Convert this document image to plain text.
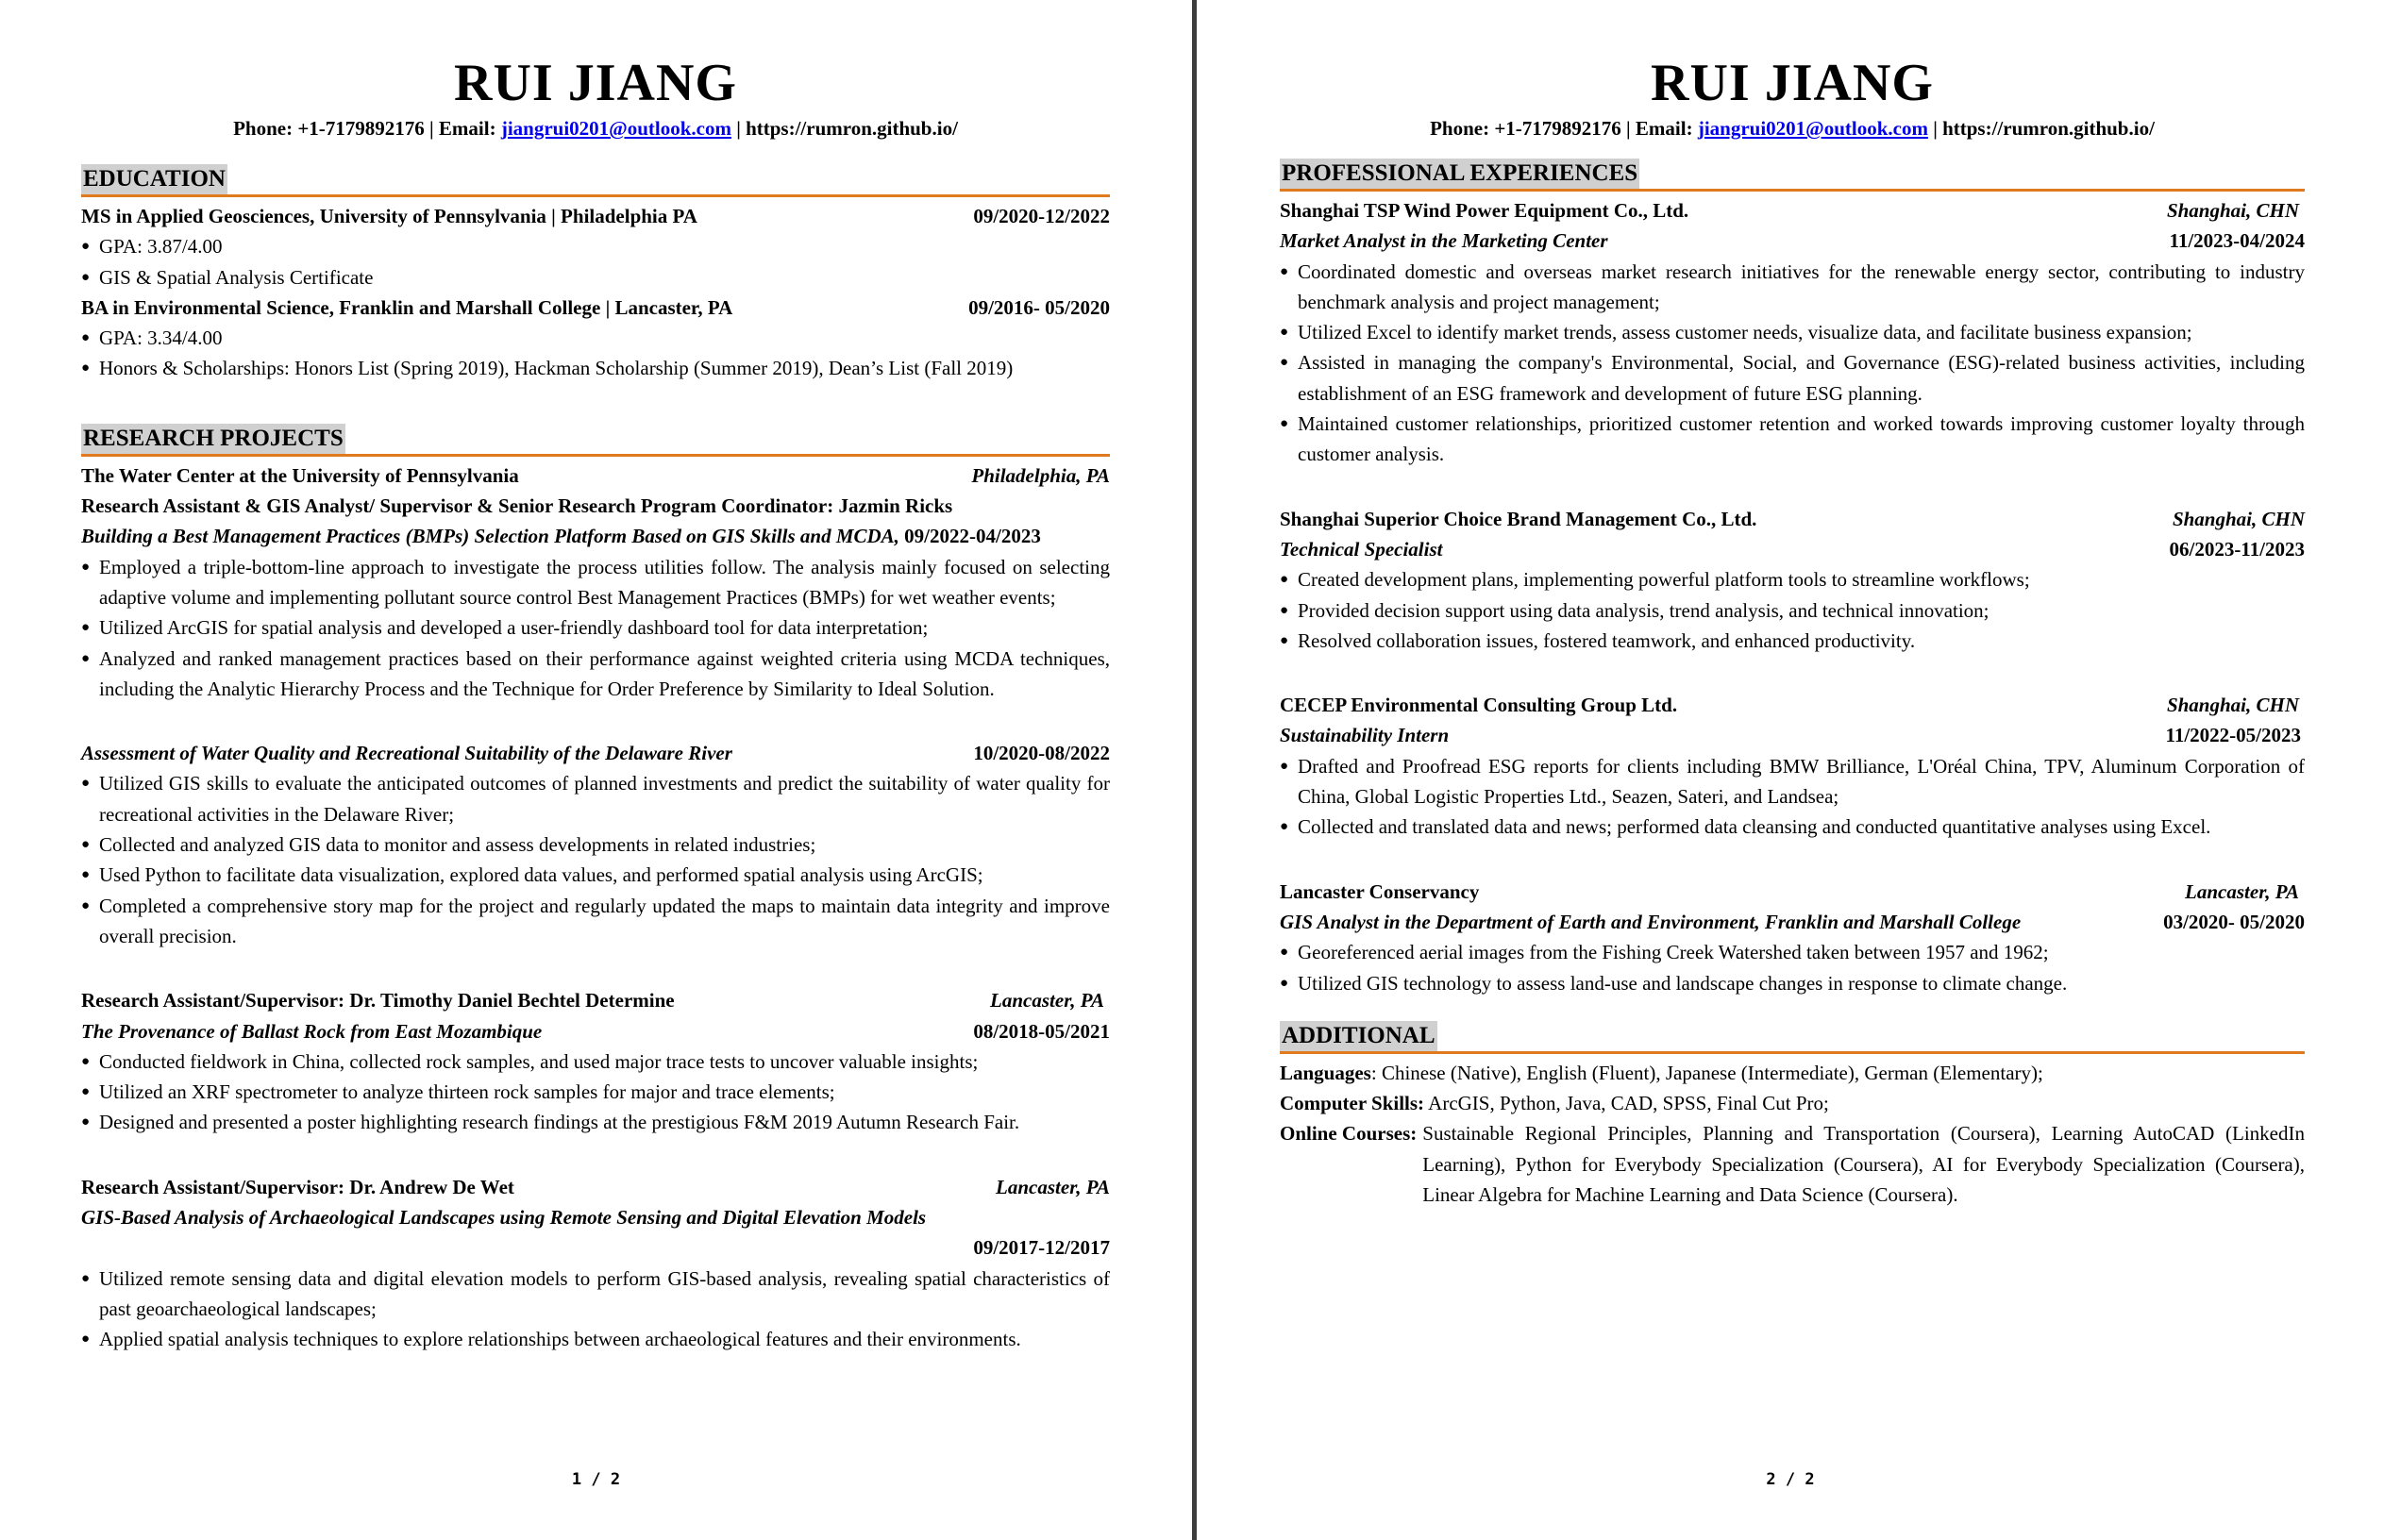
RUI JIANG
Phone: +1-7179892176 | Email: jiangrui0201@outlook.com | https://rumron.github.io/
EDUCATION
MS in Applied Geosciences, University of Pennsylvania | Philadelphia PA	09/2020-12/2022
● GPA: 3.87/4.00
● GIS & Spatial Analysis Certificate
BA in Environmental Science, Franklin and Marshall College | Lancaster, PA	09/2016- 05/2020
● GPA: 3.34/4.00
● Honors & Scholarships: Honors List (Spring 2019), Hackman Scholarship (Summer 2019), Dean’s List (Fall 2019)
RESEARCH PROJECTS
The Water Center at the University of Pennsylvania	Philadelphia, PA
Research Assistant & GIS Analyst/ Supervisor & Senior Research Program Coordinator: Jazmin Ricks
Building a Best Management Practices (BMPs) Selection Platform Based on GIS Skills and MCDA, 09/2022-04/2023
● Employed a triple-bottom-line approach to investigate the process utilities follow. The analysis mainly focused on selecting adaptive volume and implementing pollutant source control Best Management Practices (BMPs) for wet weather events;
● Utilized ArcGIS for spatial analysis and developed a user-friendly dashboard tool for data interpretation;
● Analyzed and ranked management practices based on their performance against weighted criteria using MCDA techniques, including the Analytic Hierarchy Process and the Technique for Order Preference by Similarity to Ideal Solution.
Assessment of Water Quality and Recreational Suitability of the Delaware River	10/2020-08/2022
● Utilized GIS skills to evaluate the anticipated outcomes of planned investments and predict the suitability of water quality for recreational activities in the Delaware River;
● Collected and analyzed GIS data to monitor and assess developments in related industries;
● Used Python to facilitate data visualization, explored data values, and performed spatial analysis using ArcGIS;
● Completed a comprehensive story map for the project and regularly updated the maps to maintain data integrity and improve overall precision.
Research Assistant/Supervisor: Dr. Timothy Daniel Bechtel Determine	Lancaster, PA
The Provenance of Ballast Rock from East Mozambique	08/2018-05/2021
● Conducted fieldwork in China, collected rock samples, and used major trace tests to uncover valuable insights;
● Utilized an XRF spectrometer to analyze thirteen rock samples for major and trace elements;
● Designed and presented a poster highlighting research findings at the prestigious F&M 2019 Autumn Research Fair.
Research Assistant/Supervisor: Dr. Andrew De Wet	Lancaster, PA
GIS-Based Analysis of Archaeological Landscapes using Remote Sensing and Digital Elevation Models
09/2017-12/2017

● Utilized remote sensing data and digital elevation models to perform GIS-based analysis, revealing spatial characteristics of past geoarchaeological landscapes;
● Applied spatial analysis techniques to explore relationships between archaeological features and their environments.
1 / 2
RUI JIANG
Phone: +1-7179892176 | Email: jiangrui0201@outlook.com | https://rumron.github.io/
PROFESSIONAL EXPERIENCES
Shanghai TSP Wind Power Equipment Co., Ltd.	Shanghai, CHN
Market Analyst in the Marketing Center	11/2023-04/2024
● Coordinated domestic and overseas market research initiatives for the renewable energy sector, contributing to industry benchmark analysis and project management;
● Utilized Excel to identify market trends, assess customer needs, visualize data, and facilitate business expansion;
● Assisted in managing the company's Environmental, Social, and Governance (ESG)-related business activities, including establishment of an ESG framework and development of future ESG planning.
● Maintained customer relationships, prioritized customer retention and worked towards improving customer loyalty through customer analysis.
Shanghai Superior Choice Brand Management Co., Ltd.	Shanghai, CHN
Technical Specialist	06/2023-11/2023
● Created development plans, implementing powerful platform tools to streamline workflows;
● Provided decision support using data analysis, trend analysis, and technical innovation;
● Resolved collaboration issues, fostered teamwork, and enhanced productivity.
CECEP Environmental Consulting Group Ltd.	Shanghai, CHN
Sustainability Intern	11/2022-05/2023
● Drafted and Proofread ESG reports for clients including BMW Brilliance, L'Oréal China, TPV, Aluminum Corporation of China, Global Logistic Properties Ltd., Seazen, Sateri, and Landsea;
● Collected and translated data and news; performed data cleansing and conducted quantitative analyses using Excel.
Lancaster Conservancy	Lancaster, PA
GIS Analyst in the Department of Earth and Environment, Franklin and Marshall College	03/2020- 05/2020
● Georeferenced aerial images from the Fishing Creek Watershed taken between 1957 and 1962;
● Utilized GIS technology to assess land-use and landscape changes in response to climate change.
ADDITIONAL
Languages: Chinese (Native), English (Fluent), Japanese (Intermediate), German (Elementary);
Computer Skills: ArcGIS, Python, Java, CAD, SPSS, Final Cut Pro;
Online Courses: Sustainable Regional Principles, Planning and Transportation (Coursera), Learning AutoCAD (LinkedIn Learning), Python for Everybody Specialization (Coursera), AI for Everybody Specialization (Coursera), Linear Algebra for Machine Learning and Data Science (Coursera).
2 / 2
